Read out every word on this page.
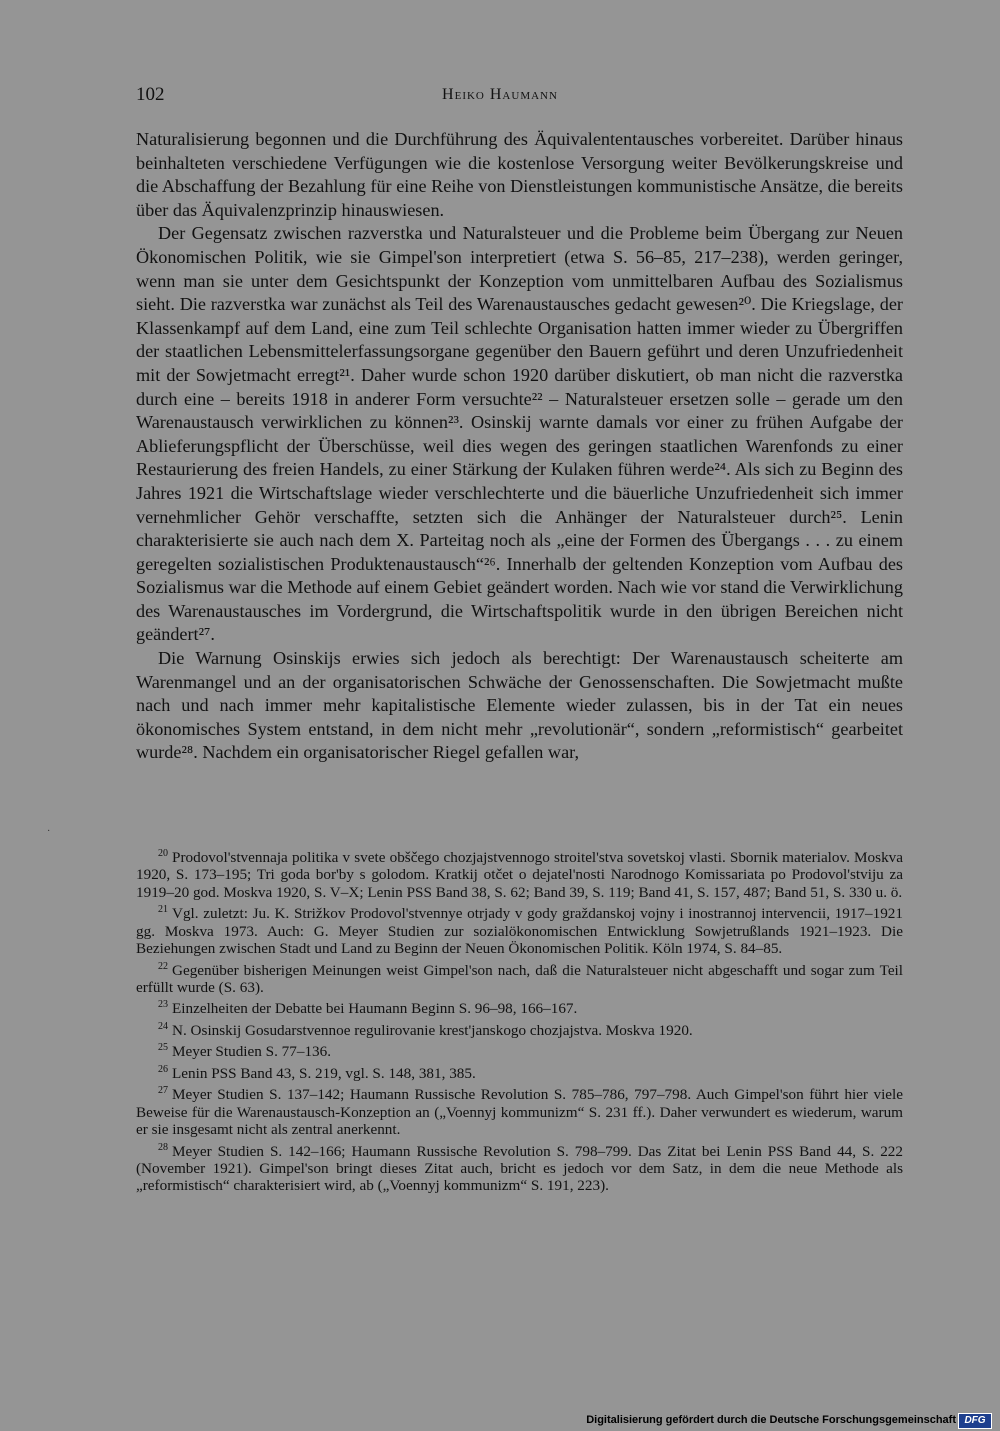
102	Heiko Haumann
·

Naturalisierung begonnen und die Durchführung des Äquivalententausches vorbereitet. Darüber hinaus beinhalteten verschiedene Verfügungen wie die kostenlose Versorgung weiter Bevölkerungskreise und die Abschaffung der Bezahlung für eine Reihe von Dienstleistungen kommunistische Ansätze, die bereits über das Äquivalenzprinzip hinauswiesen.

Der Gegensatz zwischen razverstka und Naturalsteuer und die Probleme beim Übergang zur Neuen Ökonomischen Politik, wie sie Gimpel'son interpretiert (etwa S. 56–85, 217–238), werden geringer, wenn man sie unter dem Gesichtspunkt der Konzeption vom unmittelbaren Aufbau des Sozialismus sieht. Die razverstka war zunächst als Teil des Warenaustausches gedacht gewesen²⁰. Die Kriegslage, der Klassenkampf auf dem Land, eine zum Teil schlechte Organisation hatten immer wieder zu Übergriffen der staatlichen Lebensmittelerfassungsorgane gegenüber den Bauern geführt und deren Unzufriedenheit mit der Sowjetmacht erregt²¹. Daher wurde schon 1920 darüber diskutiert, ob man nicht die razverstka durch eine – bereits 1918 in anderer Form versuchte²² – Naturalsteuer ersetzen solle – gerade um den Warenaustausch verwirklichen zu können²³. Osinskij warnte damals vor einer zu frühen Aufgabe der Ablieferungspflicht der Überschüsse, weil dies wegen des geringen staatlichen Warenfonds zu einer Restaurierung des freien Handels, zu einer Stärkung der Kulaken führen werde²⁴. Als sich zu Beginn des Jahres 1921 die Wirtschaftslage wieder verschlechterte und die bäuerliche Unzufriedenheit sich immer vernehmlicher Gehör verschaffte, setzten sich die Anhänger der Naturalsteuer durch²⁵. Lenin charakterisierte sie auch nach dem X. Parteitag noch als „eine der Formen des Übergangs . . . zu einem geregelten sozialistischen Produktenaustausch“²⁶. Innerhalb der geltenden Konzeption vom Aufbau des Sozialismus war die Methode auf einem Gebiet geändert worden. Nach wie vor stand die Verwirklichung des Warenaustausches im Vordergrund, die Wirtschaftspolitik wurde in den übrigen Bereichen nicht geändert²⁷.

Die Warnung Osinskijs erwies sich jedoch als berechtigt: Der Warenaustausch scheiterte am Warenmangel und an der organisatorischen Schwäche der Genossenschaften. Die Sowjetmacht mußte nach und nach immer mehr kapitalistische Elemente wieder zulassen, bis in der Tat ein neues ökonomisches System entstand, in dem nicht mehr „revolutionär“, sondern „reformistisch“ gearbeitet wurde²⁸. Nachdem ein organisatorischer Riegel gefallen war,

$^{20}$ Prodovol'stvennaja politika v svete obščego chozjajstvennogo stroitel'stva sovetskoj vlasti. Sbornik materialov. Moskva 1920, S. 173–195; Tri goda bor'by s golodom. Kratkij otčet o dejatel'nosti Narodnogo Komissariata po Prodovol'stviju za 1919–20 god. Moskva 1920, S. V–X; Lenin PSS Band 38, S. 62; Band 39, S. 119; Band 41, S. 157, 487; Band 51, S. 330 u. ö.

$^{21}$ Vgl. zuletzt: Ju. K. Strižkov Prodovol'stvennye otrjady v gody graždanskoj vojny i inostrannoj intervencii, 1917–1921 gg. Moskva 1973. Auch: G. Meyer Studien zur sozialökonomischen Entwicklung Sowjetrußlands 1921–1923. Die Beziehungen zwischen Stadt und Land zu Beginn der Neuen Ökonomischen Politik. Köln 1974, S. 84–85.

$^{22}$ Gegenüber bisherigen Meinungen weist Gimpel'son nach, daß die Naturalsteuer nicht abgeschafft und sogar zum Teil erfüllt wurde (S. 63).

$^{23}$ Einzelheiten der Debatte bei Haumann Beginn S. 96–98, 166–167.

$^{24}$ N. Osinskij Gosudarstvennoe regulirovanie krest'janskogo chozjajstva. Moskva 1920.

$^{25}$ Meyer Studien S. 77–136.

$^{26}$ Lenin PSS Band 43, S. 219, vgl. S. 148, 381, 385.

$^{27}$ Meyer Studien S. 137–142; Haumann Russische Revolution S. 785–786, 797–798. Auch Gimpel'son führt hier viele Beweise für die Warenaustausch-Konzeption an („Voennyj kommunizm“ S. 231 ff.). Daher verwundert es wiederum, warum er sie insgesamt nicht als zentral anerkennt.

$^{28}$ Meyer Studien S. 142–166; Haumann Russische Revolution S. 798–799. Das Zitat bei Lenin PSS Band 44, S. 222 (November 1921). Gimpel'son bringt dieses Zitat auch, bricht es jedoch vor dem Satz, in dem die neue Methode als „reformistisch“ charakterisiert wird, ab („Voennyj kommunizm“ S. 191, 223).

Digitalisierung gefördert durch die Deutsche Forschungsgemeinschaft DFG
